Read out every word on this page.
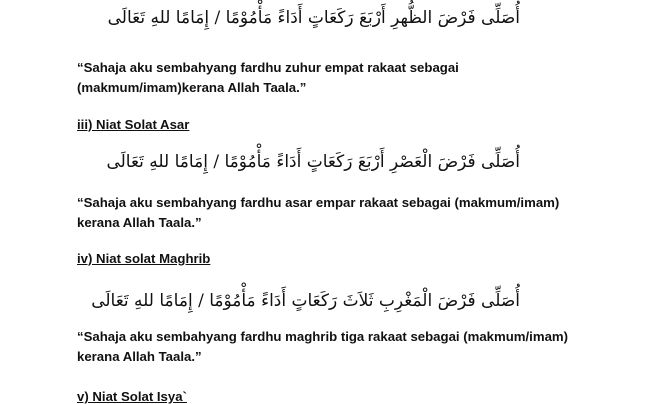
أُصَلِّى فَرْضَ الظُّهرِ أَرْبَعَ رَكَعَاتٍ أَدَاءً مَأْمُوْمًا / إِمَامًا للهِ تَعَالَى
“Sahaja aku sembahyang fardhu zuhur empat rakaat sebagai (makmum/imam)kerana Allah Taala.”
iii) Niat Solat Asar
أُصَلِّى فَرْضَ الْعَصْرِ أَرْبَعَ رَكَعَاتٍ أَدَاءً مَأْمُوْمًا / إِمَامًا للهِ تَعَالَى
“Sahaja aku sembahyang fardhu asar empar rakaat sebagai (makmum/imam) kerana Allah Taala.”
iv) Niat solat Maghrib
أُصَلِّى فَرْضَ الْمَغْرِبِ ثَلاَثَ رَكَعَاتٍ أَدَاءً مَأْمُوْمًا / إِمَامًا للهِ تَعَالَى
“Sahaja aku sembahyang fardhu maghrib tiga rakaat sebagai (makmum/imam) kerana Allah Taala.”
v) Niat Solat Isya`
